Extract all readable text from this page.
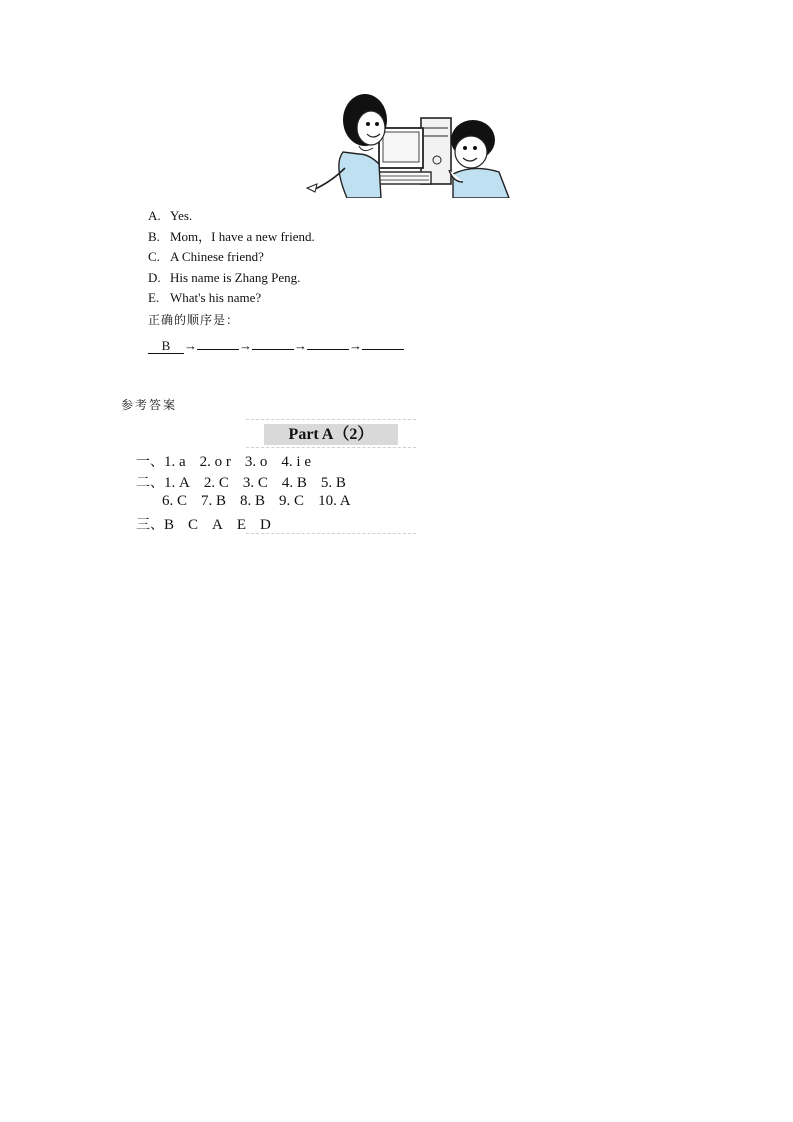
A. Yes.
B. Mom，I have a new friend.
C. A Chinese friend?
D. His name is Zhang Peng.
E. What's his name?
正确的顺序是：
B →	→	→	→
参考答案
Part A（2）
一、1. a 2. o r 3. o 4. i e
二、1. A 2. C 3. C 4. B 5. B
6. C 7. B 8. B 9. C 10. A
三、B C A E D
